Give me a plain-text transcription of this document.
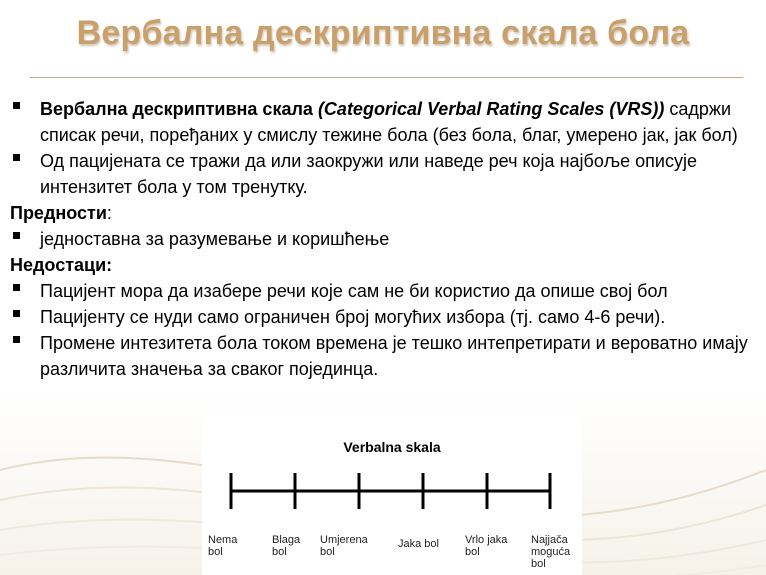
Вербална дескриптивна скала бола
Вербална дескриптивна скала (Categorical Verbal Rating Scales (VRS)) садржи списак речи, поређаних у смислу тежине бола (без бола, благ, умерено јак, јак бол)
Од пацијената се тражи да или заокружи или наведе реч која најбоље описује интензитет бола у том тренутку.
Предности:
једноставна за разумевање и коришћење
Недостаци:
Пацијент мора да изабере речи које сам не би користио да опише свој бол
Пацијенту се нуди само ограничен број могућих избора (тј. само 4-6 речи).
Промене интезитета бола током времена је тешко интепретирати и вероватно имају различита значења за сваког појединца.
Verbalna skala
Nema bol
Blaga bol
Umjerena bol
Jaka bol	Vrlo jaka bol
Najjača moguća bol
